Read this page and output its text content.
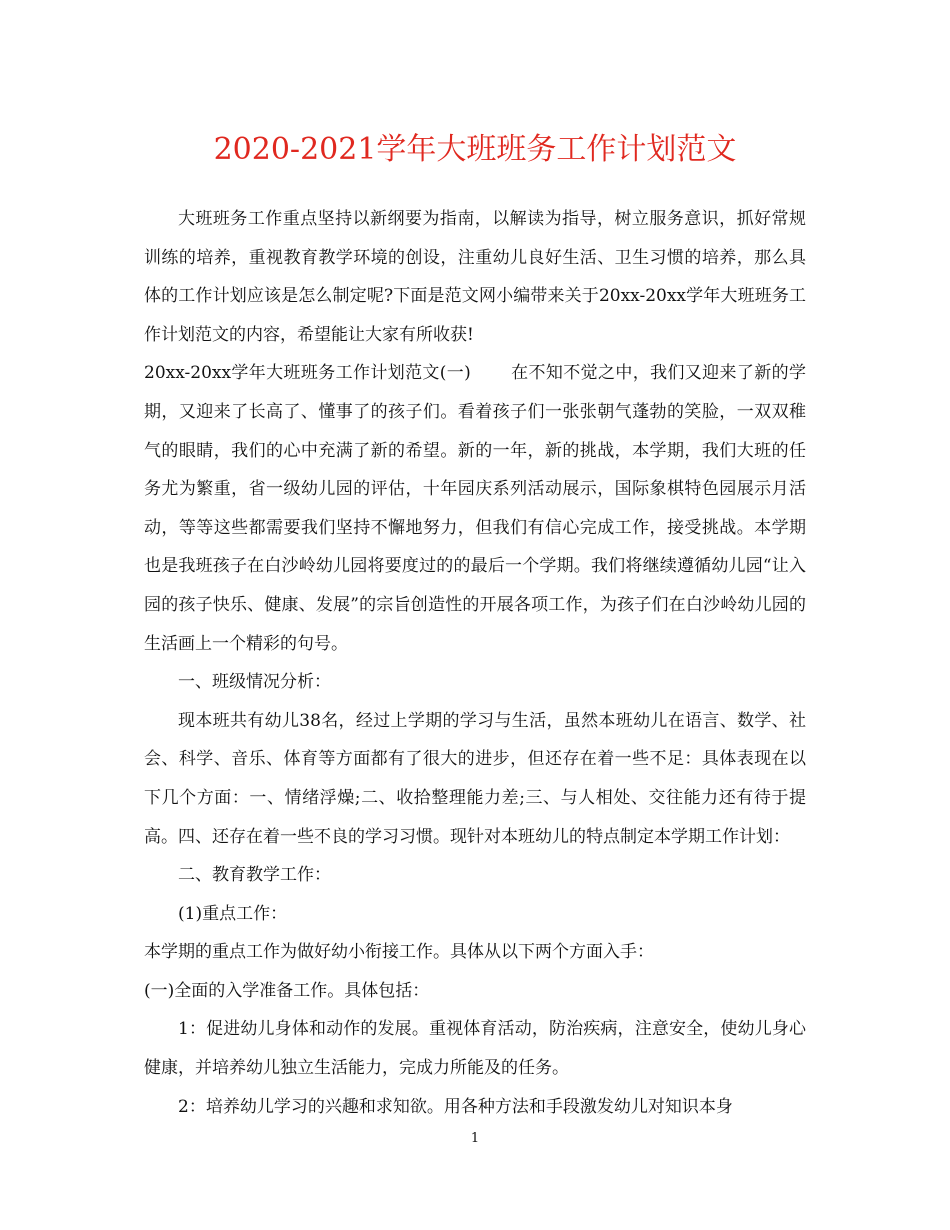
2020-2021学年大班班务工作计划范文

大班班务工作重点坚持以新纲要为指南，以解读为指导，树立服务意识，抓好常规训练的培养，重视教育教学环境的创设，注重幼儿良好生活、卫生习惯的培养，那么具体的工作计划应该是怎么制定呢?下面是范文网小编带来关于20xx-20xx学年大班班务工作计划范文的内容，希望能让大家有所收获!

20xx-20xx学年大班班务工作计划范文(一) 在不知不觉之中，我们又迎来了新的学期，又迎来了长高了、懂事了的孩子们。看着孩子们一张张朝气蓬勃的笑脸，一双双稚气的眼睛，我们的心中充满了新的希望。新的一年，新的挑战，本学期，我们大班的任务尤为繁重，省一级幼儿园的评估，十年园庆系列活动展示，国际象棋特色园展示月活动，等等这些都需要我们坚持不懈地努力，但我们有信心完成工作，接受挑战。本学期也是我班孩子在白沙岭幼儿园将要度过的的最后一个学期。我们将继续遵循幼儿园“让入园的孩子快乐、健康、发展”的宗旨创造性的开展各项工作，为孩子们在白沙岭幼儿园的生活画上一个精彩的句号。

一、班级情况分析：

现本班共有幼儿38名，经过上学期的学习与生活，虽然本班幼儿在语言、数学、社会、科学、音乐、体育等方面都有了很大的进步，但还存在着一些不足：具体表现在以下几个方面：一、情绪浮燥;二、收拾整理能力差;三、与人相处、交往能力还有待于提高。四、还存在着一些不良的学习习惯。现针对本班幼儿的特点制定本学期工作计划：

二、教育教学工作：

(1)重点工作：

本学期的重点工作为做好幼小衔接工作。具体从以下两个方面入手：

(一)全面的入学准备工作。具体包括：

1：促进幼儿身体和动作的发展。重视体育活动，防治疾病，注意安全，使幼儿身心健康，并培养幼儿独立生活能力，完成力所能及的任务。

2：培养幼儿学习的兴趣和求知欲。用各种方法和手段激发幼儿对知识本身

1
